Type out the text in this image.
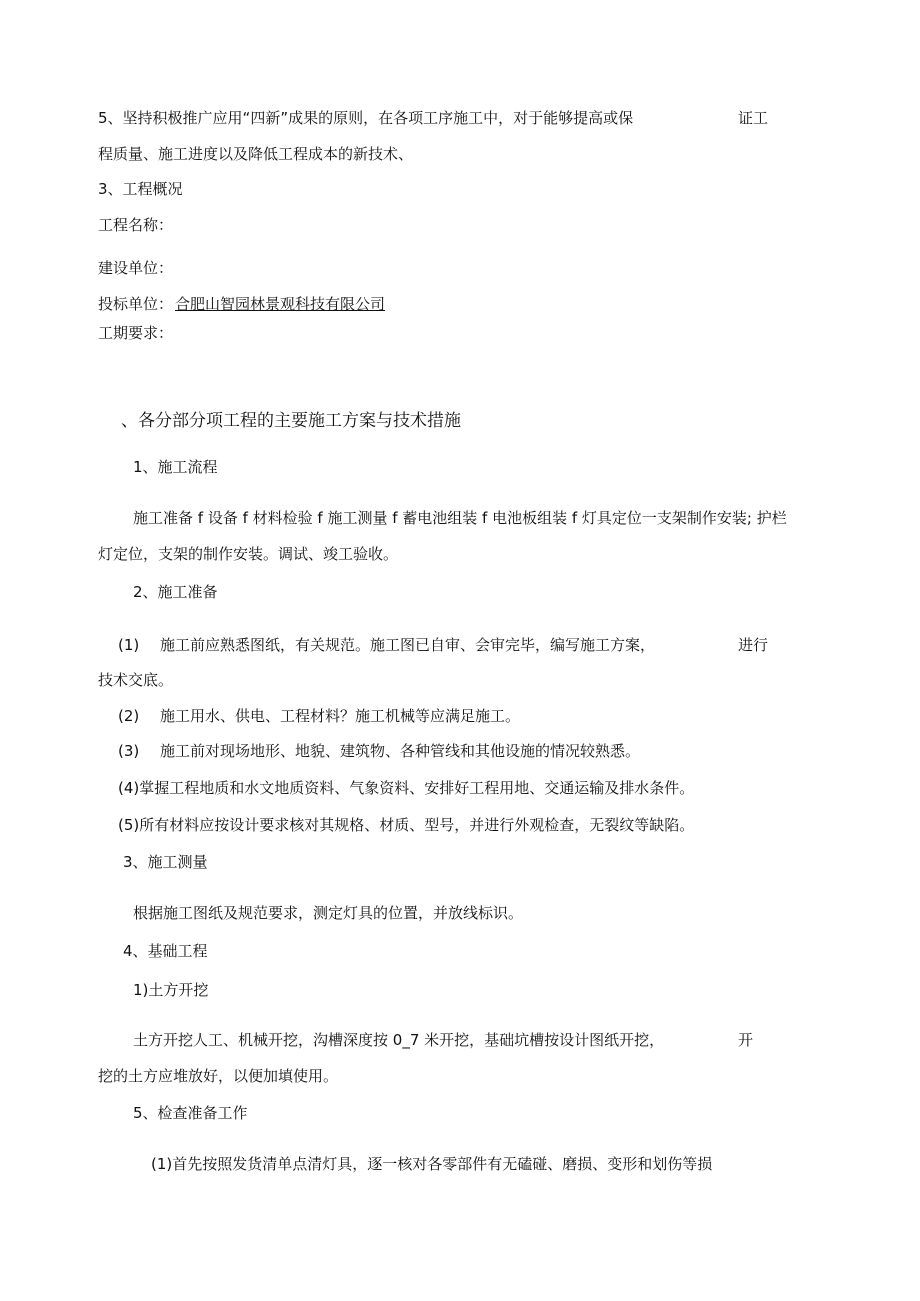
5、坚持积极推广应用“四新”成果的原则，在各项工序施工中，对于能够提高或保	证工
程质量、施工进度以及降低工程成本的新技术、
3、工程概况
工程名称：
建设单位：
投标单位： 合肥山智园林景观科技有限公司
工期要求：
、各分部分项工程的主要施工方案与技术措施
1、施工流程
施工准备 f 设备 f 材料检验 f 施工测量 f 蓄电池组装 f 电池板组装 f 灯具定位一支架制作安装; 护栏
灯定位，支架的制作安装。调试、竣工验收。
2、施工准备
(1) 施工前应熟悉图纸，有关规范。施工图已自审、会审完毕，编写施工方案，	进行
技术交底。
(2) 施工用水、供电、工程材料？施工机械等应满足施工。
(3) 施工前对现场地形、地貌、建筑物、各种管线和其他设施的情况较熟悉。
(4)掌握工程地质和水文地质资料、气象资料、安排好工程用地、交通运输及排水条件。
(5)所有材料应按设计要求核对其规格、材质、型号，并进行外观检查，无裂纹等缺陷。
3、施工测量
根据施工图纸及规范要求，测定灯具的位置，并放线标识。
4、基础工程
1)土方开挖
土方开挖人工、机械开挖，沟槽深度按 0_7 米开挖，基础坑槽按设计图纸开挖，	开
挖的土方应堆放好，以便加填使用。
5、检查准备工作
(1)首先按照发货清单点清灯具，逐一核对各零部件有无磕碰、磨损、变形和划伤等损
